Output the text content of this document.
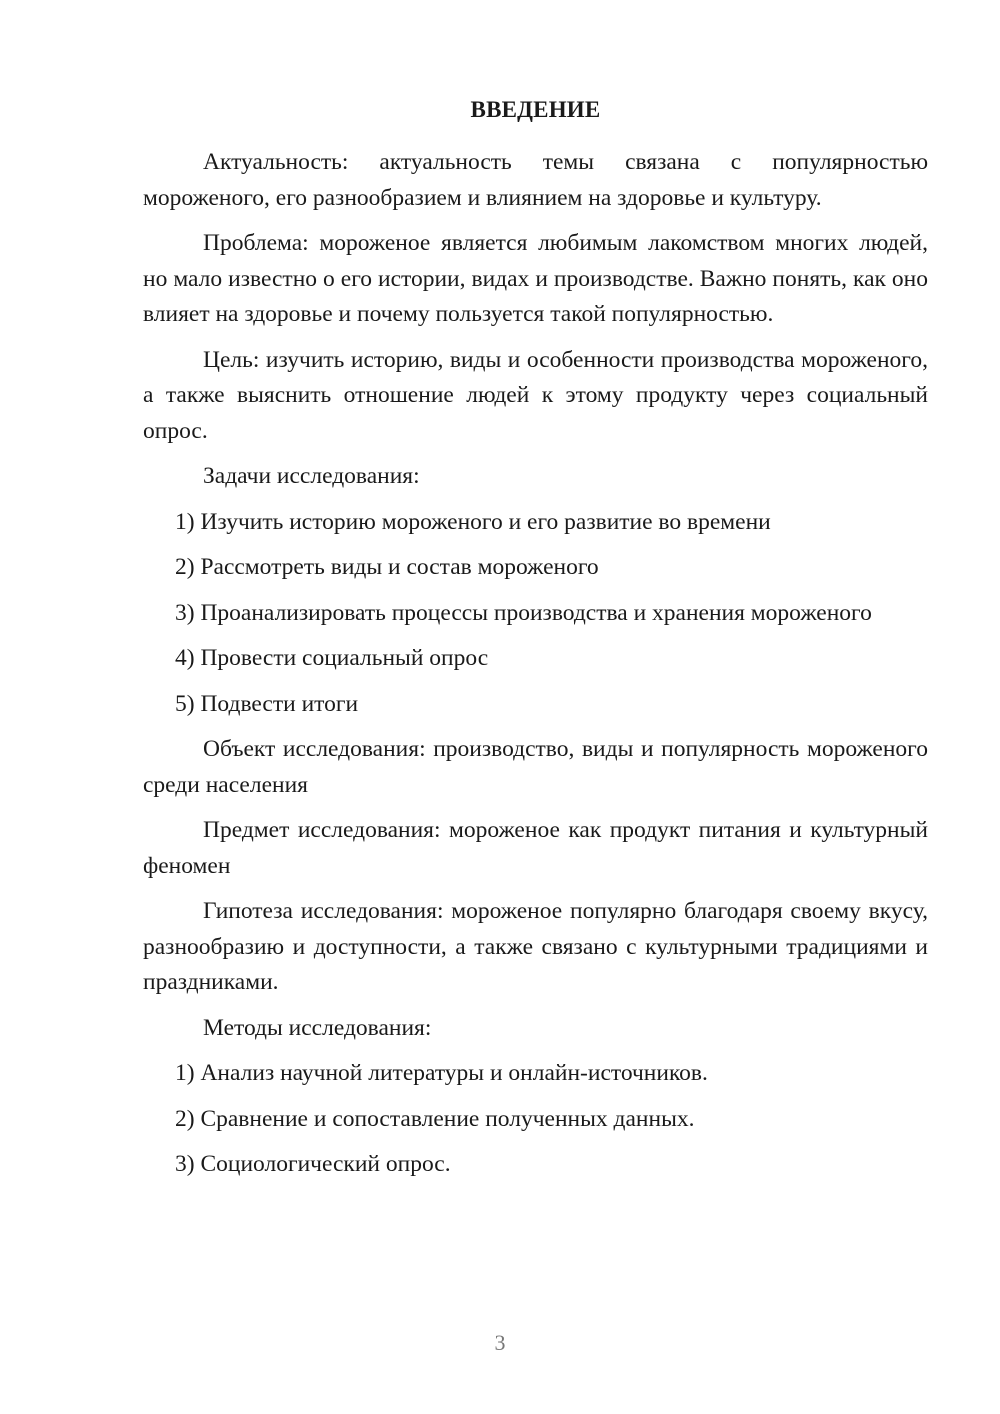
ВВЕДЕНИЕ

Актуальность: актуальность темы связана с популярностью мороженого, его разнообразием и влиянием на здоровье и культуру.

Проблема: мороженое является любимым лакомством многих людей, но мало известно о его истории, видах и производстве. Важно понять, как оно влияет на здоровье и почему пользуется такой популярностью.

Цель: изучить историю, виды и особенности производства мороженого, а также выяснить отношение людей к этому продукту через социальный опрос.

Задачи исследования:

1) Изучить историю мороженого и его развитие во времени

2) Рассмотреть виды и состав мороженого

3) Проанализировать процессы производства и хранения мороженого

4) Провести социальный опрос

5) Подвести итоги

Объект исследования: производство, виды и популярность мороженого среди населения

Предмет исследования: мороженое как продукт питания и культурный феномен

Гипотеза исследования: мороженое популярно благодаря своему вкусу, разнообразию и доступности, а также связано с культурными традициями и праздниками.

Методы исследования:

1) Анализ научной литературы и онлайн-источников.

2) Сравнение и сопоставление полученных данных.

3) Социологический опрос.

3
